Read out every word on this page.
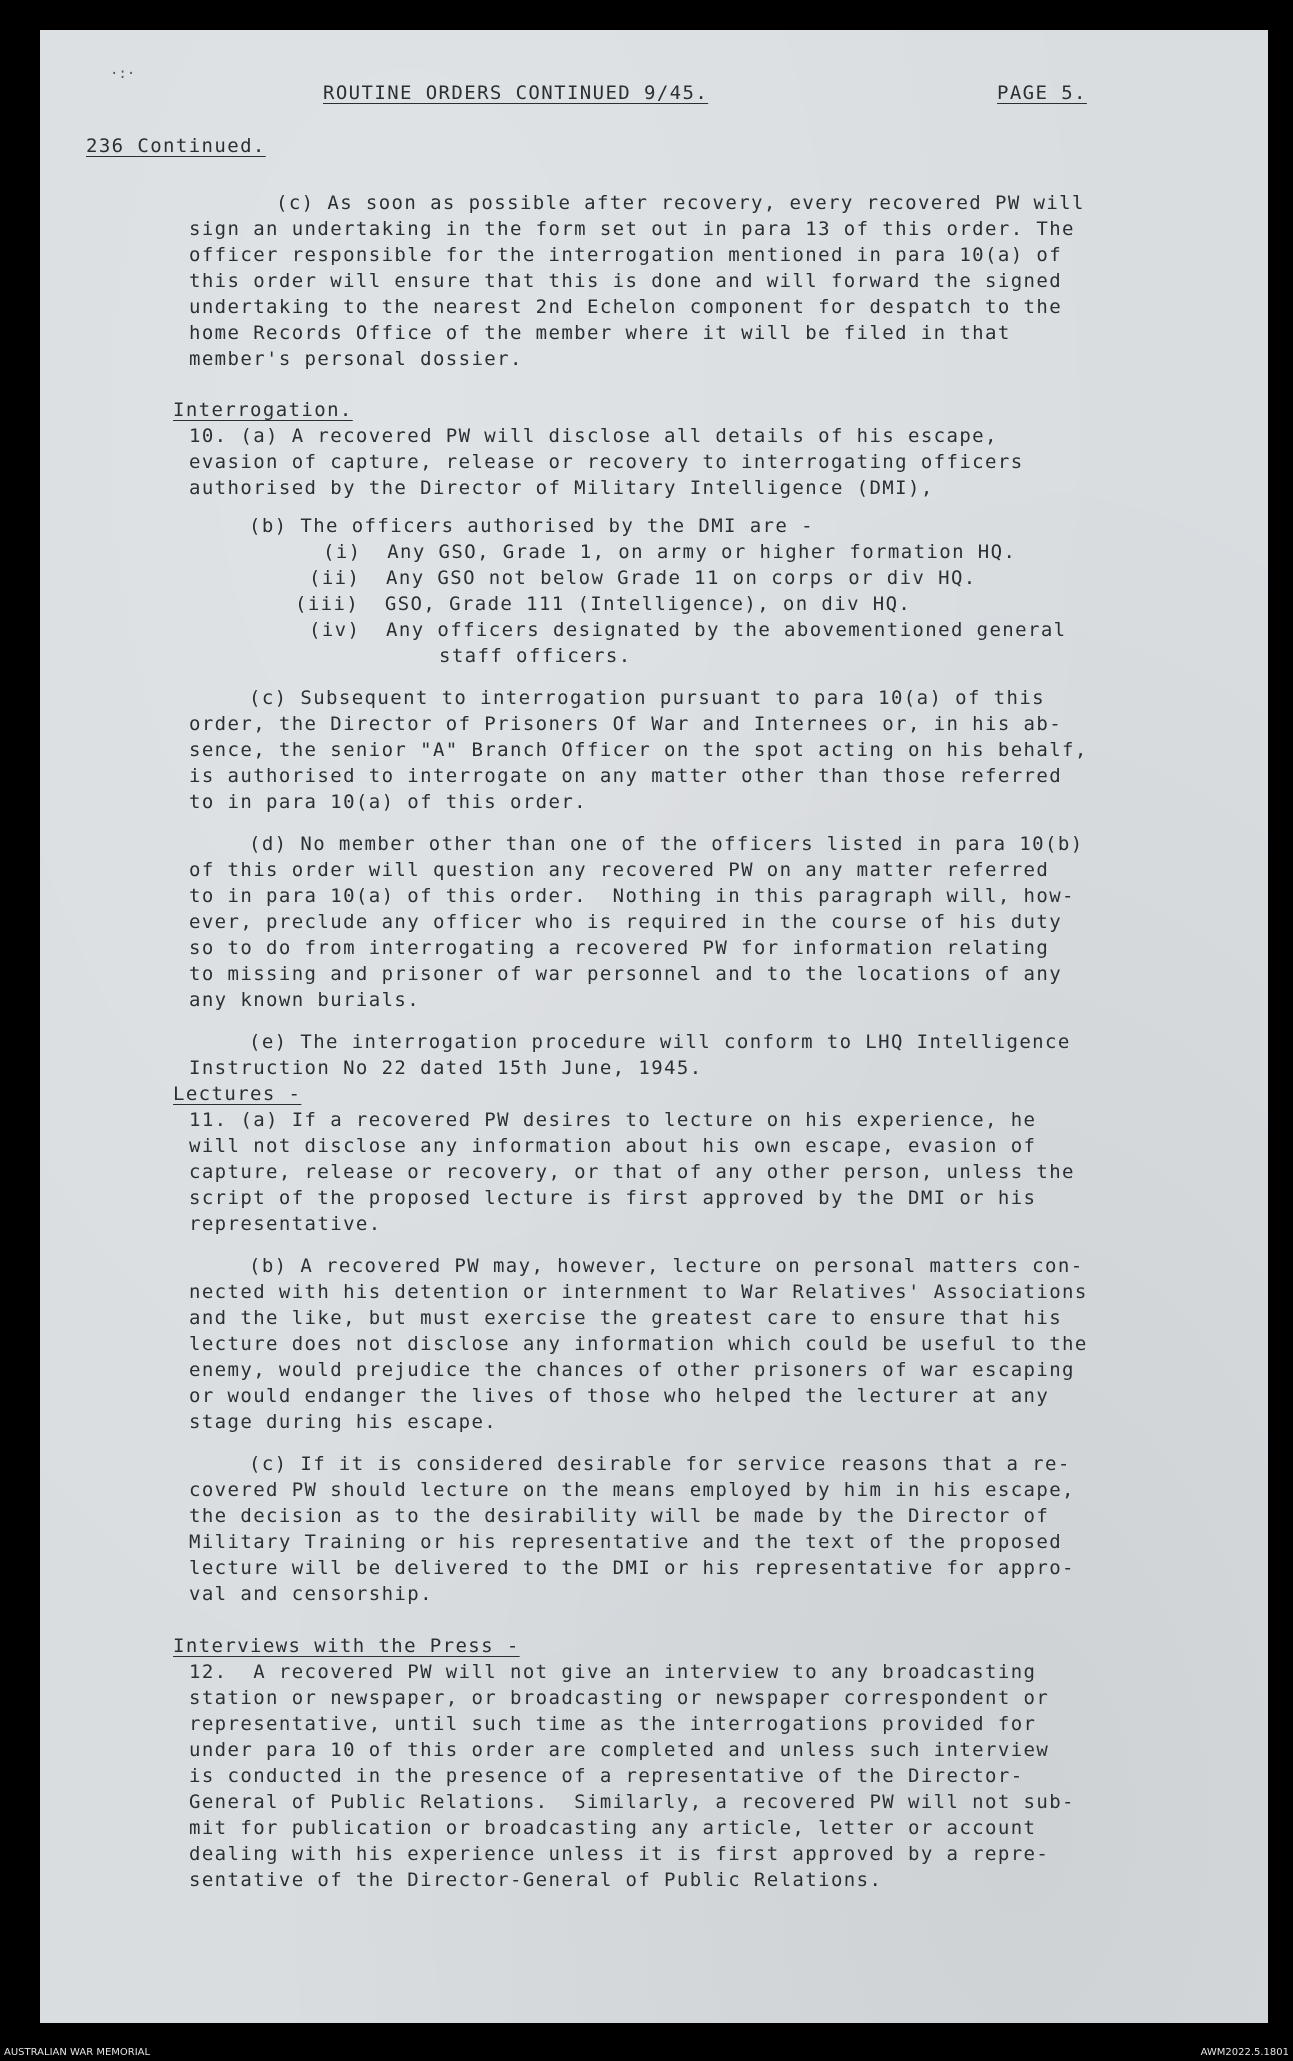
·:·
ROUTINE ORDERS CONTINUED 9/45.	PAGE 5.
236 Continued.
(c) As soon as possible after recovery, every recovered PW will
sign an undertaking in the form set out in para 13 of this order. The
officer responsible for the interrogation mentioned in para 10(a) of
this order will ensure that this is done and will forward the signed
undertaking to the nearest 2nd Echelon component for despatch to the
home Records Office of the member where it will be filed in that
member's personal dossier.
Interrogation.
10. (a) A recovered PW will disclose all details of his escape,
evasion of capture, release or recovery to interrogating officers
authorised by the Director of Military Intelligence (DMI),
(b) The officers authorised by the DMI are -
(i)  Any GSO, Grade 1, on army or higher formation HQ.
(ii)  Any GSO not below Grade 11 on corps or div HQ.
(iii)  GSO, Grade 111 (Intelligence), on div HQ.
(iv)  Any officers designated by the abovementioned general
staff officers.
(c) Subsequent to interrogation pursuant to para 10(a) of this
order, the Director of Prisoners Of War and Internees or, in his ab-
sence, the senior "A" Branch Officer on the spot acting on his behalf,
is authorised to interrogate on any matter other than those referred
to in para 10(a) of this order.
(d) No member other than one of the officers listed in para 10(b)
of this order will question any recovered PW on any matter referred
to in para 10(a) of this order.  Nothing in this paragraph will, how-
ever, preclude any officer who is required in the course of his duty
so to do from interrogating a recovered PW for information relating
to missing and prisoner of war personnel and to the locations of any
any known burials.
(e) The interrogation procedure will conform to LHQ Intelligence
Instruction No 22 dated 15th June, 1945.
Lectures -
11. (a) If a recovered PW desires to lecture on his experience, he
will not disclose any information about his own escape, evasion of
capture, release or recovery, or that of any other person, unless the
script of the proposed lecture is first approved by the DMI or his
representative.
(b) A recovered PW may, however, lecture on personal matters con-
nected with his detention or internment to War Relatives' Associations
and the like, but must exercise the greatest care to ensure that his
lecture does not disclose any information which could be useful to the
enemy, would prejudice the chances of other prisoners of war escaping
or would endanger the lives of those who helped the lecturer at any
stage during his escape.
(c) If it is considered desirable for service reasons that a re-
covered PW should lecture on the means employed by him in his escape,
the decision as to the desirability will be made by the Director of
Military Training or his representative and the text of the proposed
lecture will be delivered to the DMI or his representative for appro-
val and censorship.
Interviews with the Press -
12.  A recovered PW will not give an interview to any broadcasting
station or newspaper, or broadcasting or newspaper correspondent or
representative, until such time as the interrogations provided for
under para 10 of this order are completed and unless such interview
is conducted in the presence of a representative of the Director-
General of Public Relations.  Similarly, a recovered PW will not sub-
mit for publication or broadcasting any article, letter or account
dealing with his experience unless it is first approved by a repre-
sentative of the Director-General of Public Relations.
AUSTRALIAN WAR MEMORIAL	AWM2022.5.1801
